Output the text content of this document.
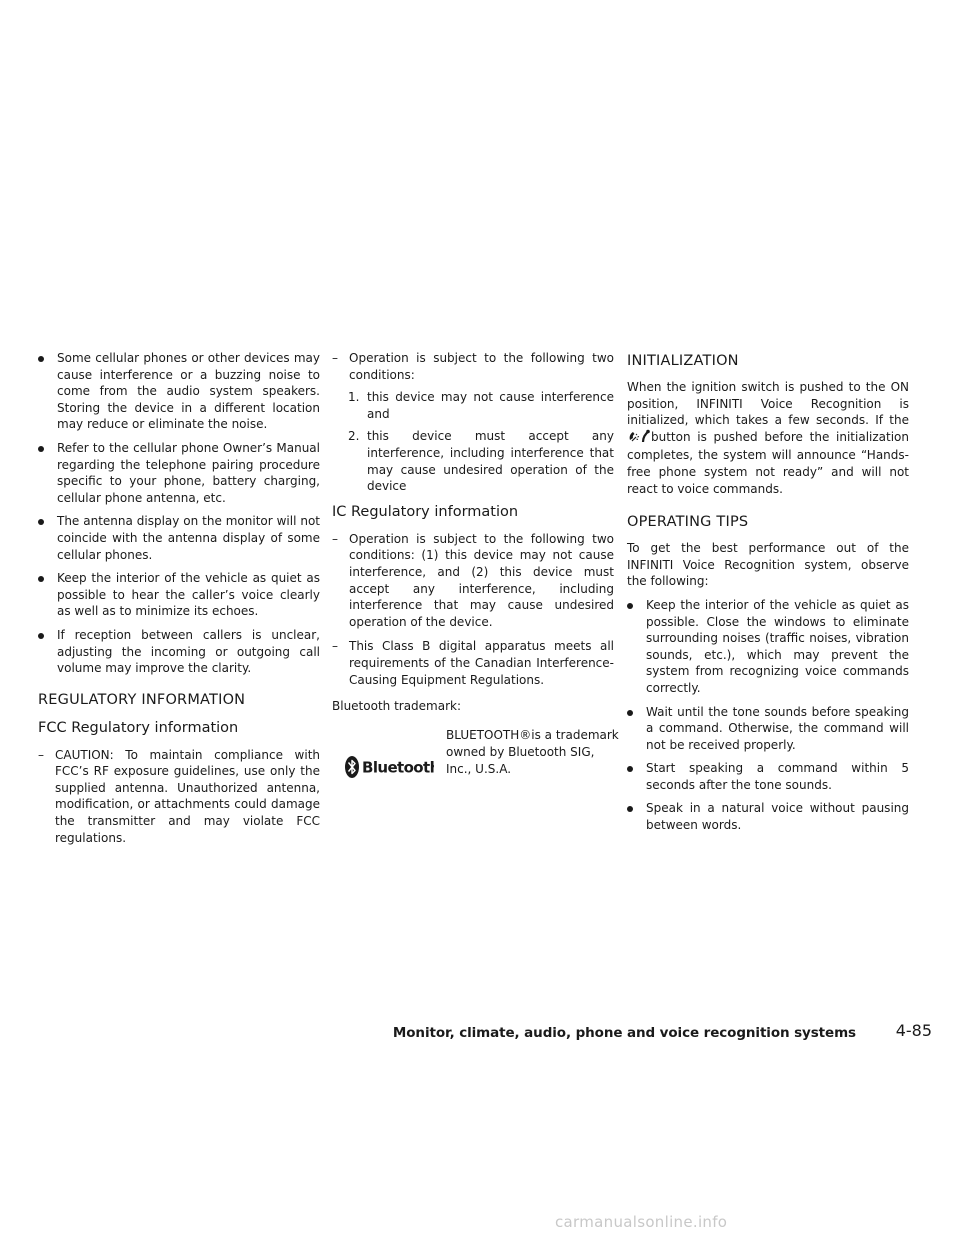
Some cellular phones or other devices may cause interference or a buzzing noise to come from the audio system speakers. Storing the device in a different location may reduce or eliminate the noise.
Refer to the cellular phone Owner’s Manual regarding the telephone pairing procedure specific to your phone, battery charging, cellular phone antenna, etc.
The antenna display on the monitor will not coincide with the antenna display of some cellular phones.
Keep the interior of the vehicle as quiet as possible to hear the caller’s voice clearly as well as to minimize its echoes.
If reception between callers is unclear, adjusting the incoming or outgoing call volume may improve the clarity.
REGULATORY INFORMATION
FCC Regulatory information
– CAUTION: To maintain compliance with FCC’s RF exposure guidelines, use only the supplied antenna. Unauthorized antenna, modification, or attachments could damage the transmitter and may violate FCC regulations.
– Operation is subject to the following two conditions:
1. this device may not cause interference and
2. this device must accept any interference, including interference that may cause undesired operation of the device
IC Regulatory information
– Operation is subject to the following two conditions: (1) this device may not cause interference, and (2) this device must accept any interference, including interference that may cause undesired operation of the device.
– This Class B digital apparatus meets all requirements of the Canadian Interference-Causing Equipment Regulations.

Bluetooth trademark:

Bluetooth
BLUETOOTH®is a trademark owned by Bluetooth SIG, Inc., U.S.A.
INITIALIZATION

When the ignition switch is pushed to the ON position, INFINITI Voice Recognition is initialized, which takes a few seconds. If thebutton is pushed before the initialization completes, the system will announce “Hands-free phone system not ready” and will not react to voice commands.

OPERATING TIPS

To get the best performance out of the INFINITI Voice Recognition system, observe the following:

Keep the interior of the vehicle as quiet as possible. Close the windows to eliminate surrounding noises (traffic noises, vibration sounds, etc.), which may prevent the system from recognizing voice commands correctly.
Wait until the tone sounds before speaking a command. Otherwise, the command will not be received properly.
Start speaking a command within 5 seconds after the tone sounds.
Speak in a natural voice without pausing between words.
Monitor, climate, audio, phone and voice recognition systems 4-85
carmanualsonline.info
